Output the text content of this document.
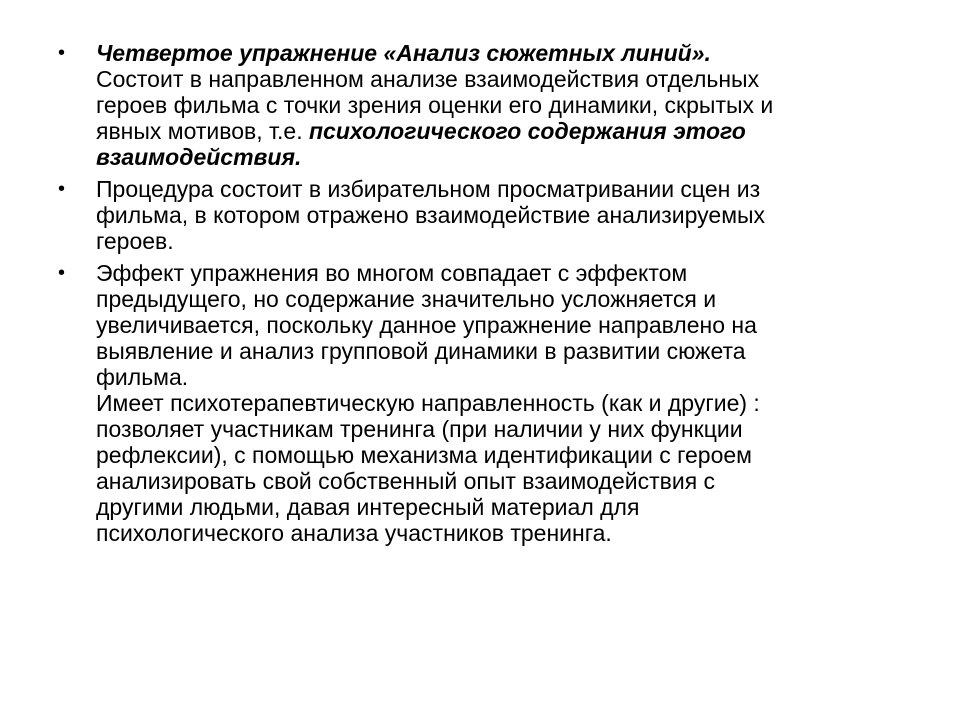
•	Четвертое упражнение «Анализ сюжетных линий».
Состоит в направленном анализе взаимодействия отдельных
героев фильма с точки зрения оценки его динамики, скрытых и
явных мотивов, т.е. психологического содержания этого
взаимодействия.
•	Процедура состоит в избирательном просматривании сцен из
фильма, в котором отражено взаимодействие анализируемых
героев.
•	Эффект упражнения во многом совпадает с эффектом
предыдущего, но содержание значительно усложняется и
увеличивается, поскольку данное упражнение направлено на
выявление и анализ групповой динамики в развитии сюжета
фильма.
Имеет психотерапевтическую направленность (как и другие) :
позволяет участникам тренинга (при наличии у них функции
рефлексии), с помощью механизма идентификации с героем
анализировать свой собственный опыт взаимодействия с
другими людьми, давая интересный материал для
психологического анализа участников тренинга.
